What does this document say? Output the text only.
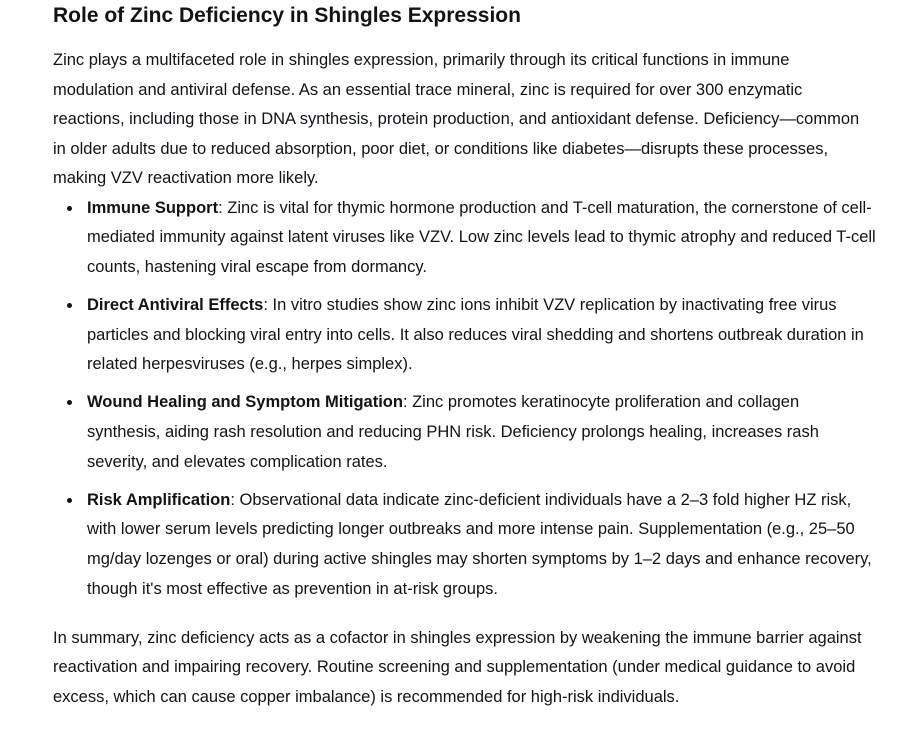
Role of Zinc Deficiency in Shingles Expression

Zinc plays a multifaceted role in shingles expression, primarily through its critical functions in immune modulation and antiviral defense. As an essential trace mineral, zinc is required for over 300 enzymatic reactions, including those in DNA synthesis, protein production, and antioxidant defense. Deficiency—common in older adults due to reduced absorption, poor diet, or conditions like diabetes—disrupts these processes, making VZV reactivation more likely.

Immune Support: Zinc is vital for thymic hormone production and T-cell maturation, the cornerstone of cell-mediated immunity against latent viruses like VZV. Low zinc levels lead to thymic atrophy and reduced T-cell counts, hastening viral escape from dormancy.
Direct Antiviral Effects: In vitro studies show zinc ions inhibit VZV replication by inactivating free virus particles and blocking viral entry into cells. It also reduces viral shedding and shortens outbreak duration in related herpesviruses (e.g., herpes simplex).
Wound Healing and Symptom Mitigation: Zinc promotes keratinocyte proliferation and collagen synthesis, aiding rash resolution and reducing PHN risk. Deficiency prolongs healing, increases rash severity, and elevates complication rates.
Risk Amplification: Observational data indicate zinc-deficient individuals have a 2–3 fold higher HZ risk, with lower serum levels predicting longer outbreaks and more intense pain. Supplementation (e.g., 25–50 mg/day lozenges or oral) during active shingles may shorten symptoms by 1–2 days and enhance recovery, though it's most effective as prevention in at-risk groups.

In summary, zinc deficiency acts as a cofactor in shingles expression by weakening the immune barrier against reactivation and impairing recovery. Routine screening and supplementation (under medical guidance to avoid excess, which can cause copper imbalance) is recommended for high-risk individuals.
